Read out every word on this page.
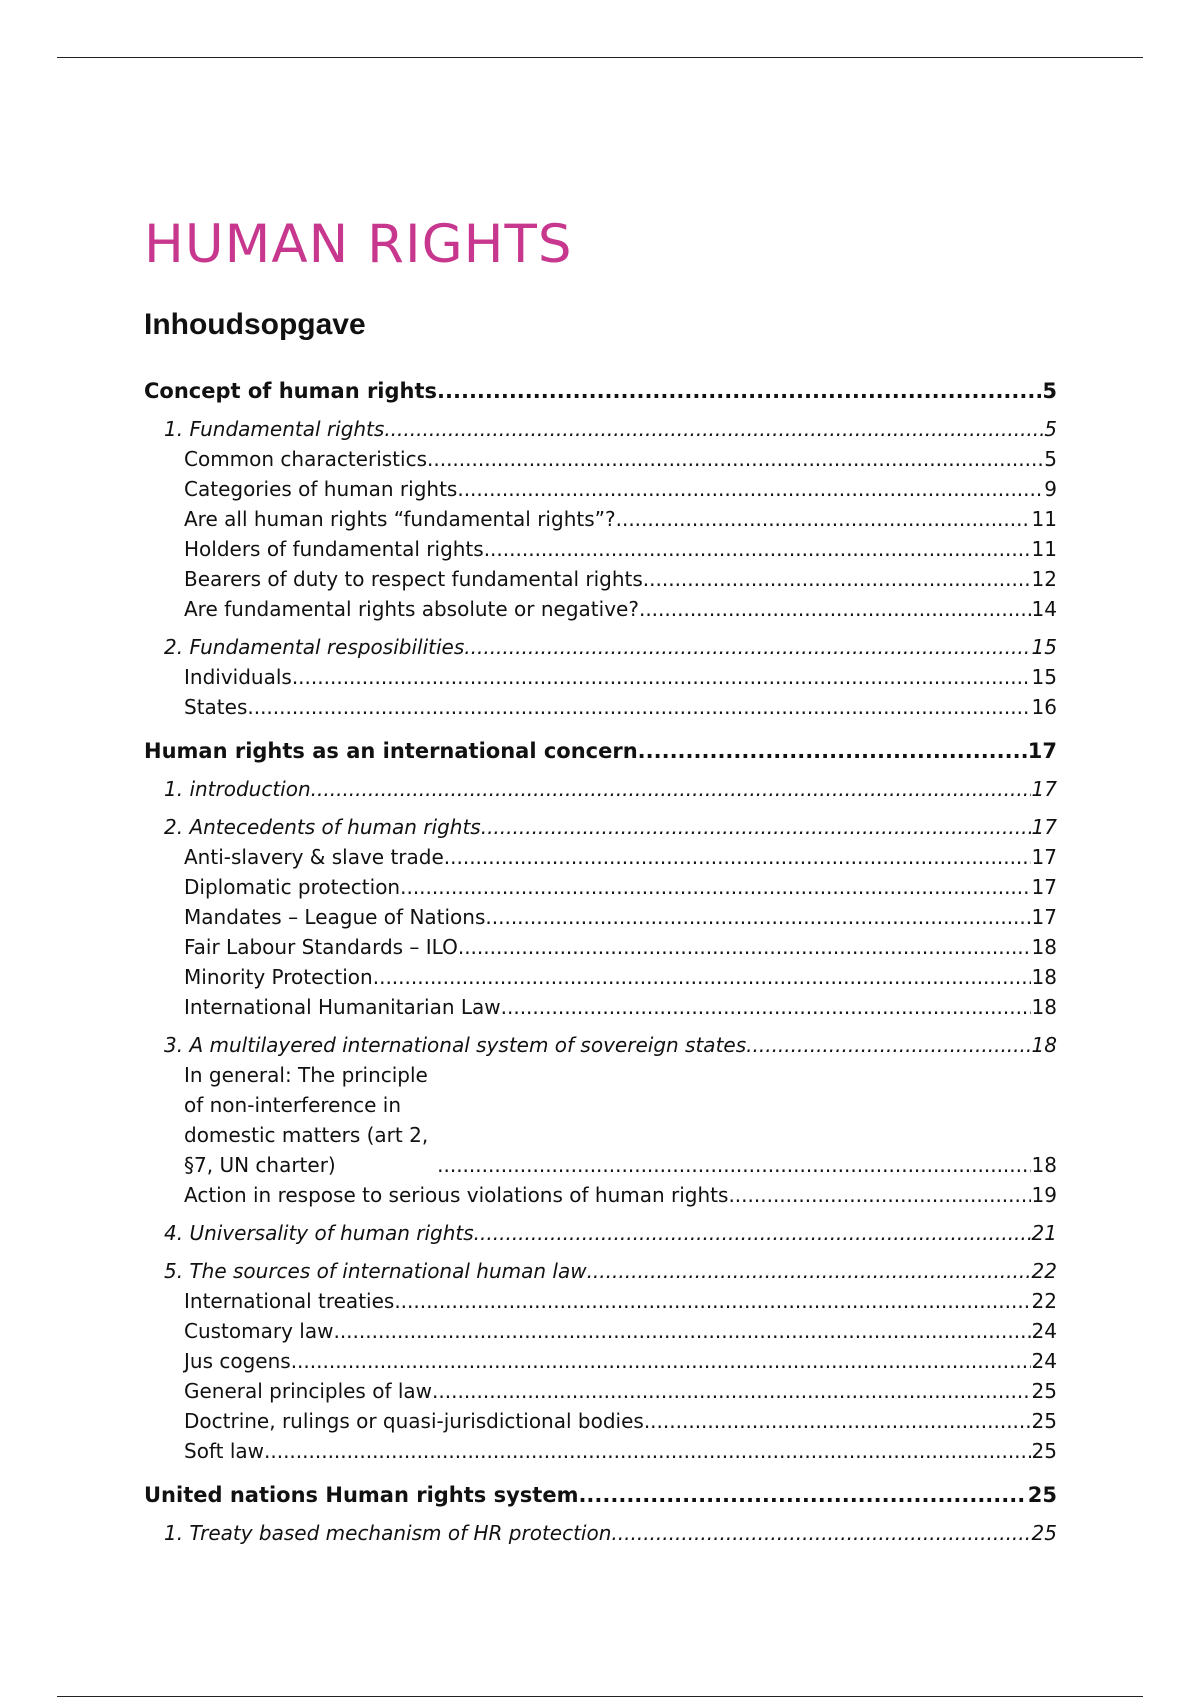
HUMAN RIGHTS
Inhoudsopgave
Concept of human rights .....	5
1. Fundamental rights .....	5
Common characteristics .....	5
Categories of human rights .....	9
Are all human rights “fundamental rights”? .....	11
Holders of fundamental rights .....	11
Bearers of duty to respect fundamental rights .....	12
Are fundamental rights absolute or negative? .....	14
2. Fundamental resposibilities .....	15
Individuals .....	15
States .....	16
Human rights as an international concern .....	17
1. introduction .....	17
2. Antecedents of human rights .....	17
Anti-slavery & slave trade .....	17
Diplomatic protection .....	17
Mandates – League of Nations .....	17
Fair Labour Standards – ILO .....	18
Minority Protection .....	18
International Humanitarian Law .....	18
3. A multilayered international system of sovereign states .....	18
In general: The principle of non-interference in domestic matters (art 2, §7, UN charter) .....	18
Action in respose to serious violations of human rights .....	19
4. Universality of human rights .....	21
5. The sources of international human law .....	22
International treaties .....	22
Customary law .....	24
Jus cogens .....	24
General principles of law .....	25
Doctrine, rulings or quasi-jurisdictional bodies .....	25
Soft law .....	25
United nations Human rights system .....	25
1. Treaty based mechanism of HR protection .....	25
